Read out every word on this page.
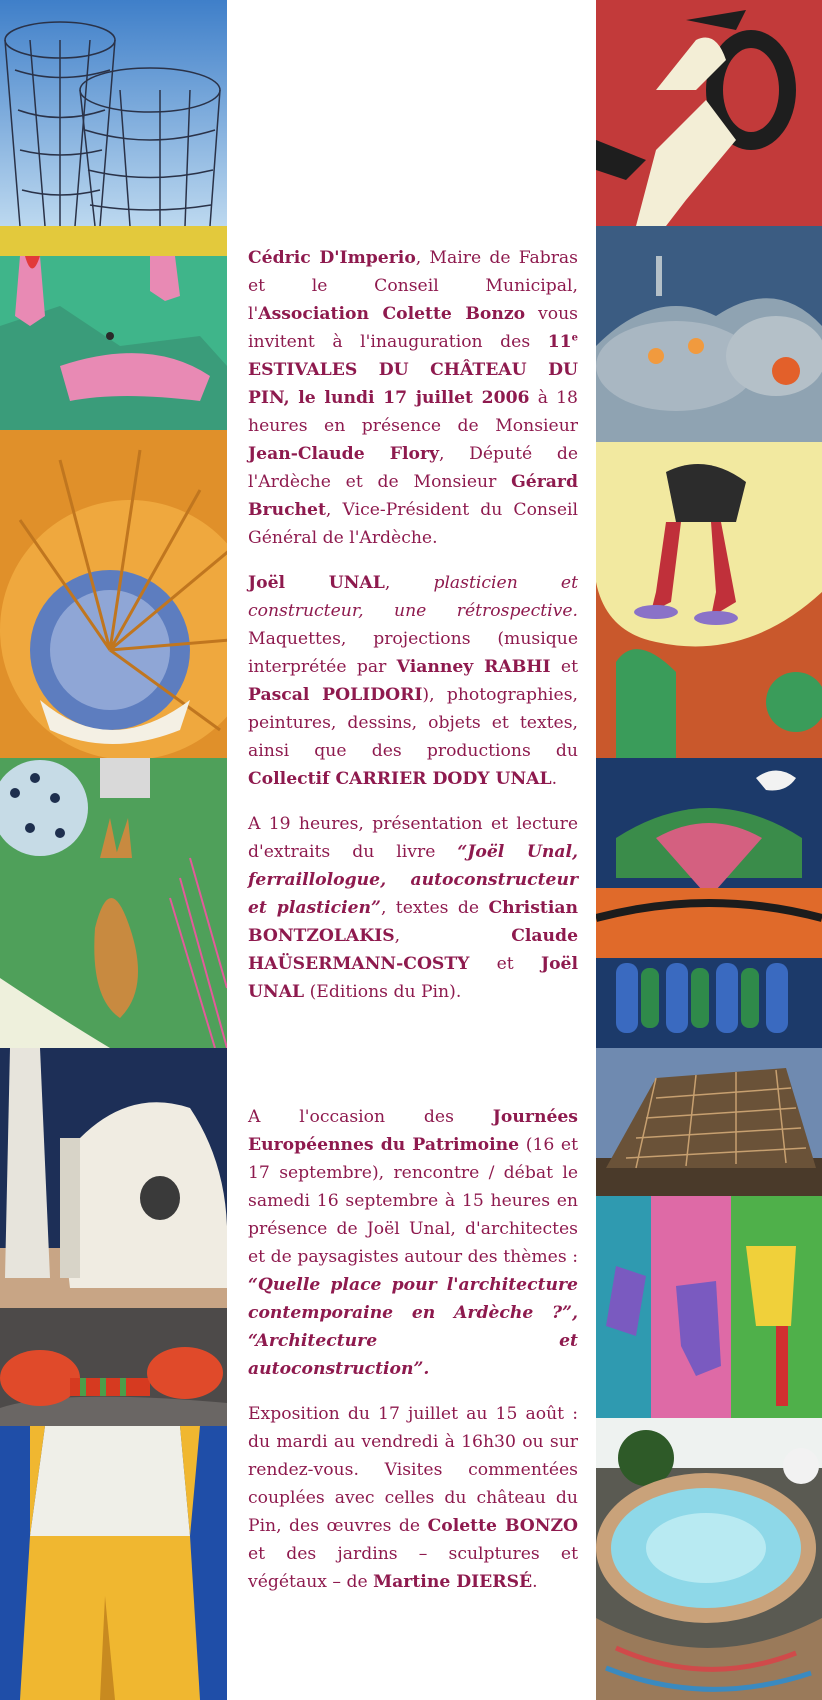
Cédric D'Imperio, Maire de Fabras et le Conseil Municipal, l'Association Colette Bonzo vous invitent à l'inauguration des 11e ESTIVALES DU CHÂTEAU DU PIN, le lundi 17 juillet 2006 à 18 heures en présence de Monsieur Jean-Claude Flory, Député de l'Ardèche et de Monsieur Gérard Bruchet, Vice-Président du Conseil Général de l'Ardèche.

Joël UNAL, plasticien et constructeur, une rétrospective. Maquettes, projections (musique interprétée par Vianney RABHI et Pascal POLIDORI), photographies, peintures, dessins, objets et textes, ainsi que des productions du Collectif CARRIER DODY UNAL.

A 19 heures, présentation et lecture d'extraits du livre “Joël Unal, ferraillologue, autoconstructeur et plasticien”, textes de Christian BONTZOLAKIS, Claude HAÜSERMANN-COSTY et Joël UNAL (Editions du Pin).

A l'occasion des Journées Européennes du Patrimoine (16 et 17 septembre), rencontre / débat le samedi 16 septembre à 15 heures en présence de Joël Unal, d'architectes et de paysagistes autour des thèmes : “Quelle place pour l'architecture contemporaine en Ardèche ?”, “Architecture et autoconstruction”.

Exposition du 17 juillet au 15 août : du mardi au vendredi à 16h30 ou sur rendez-vous. Visites commentées couplées avec celles du château du Pin, des œuvres de Colette BONZO et des jardins – sculptures et végétaux – de Martine DIERSÉ.
